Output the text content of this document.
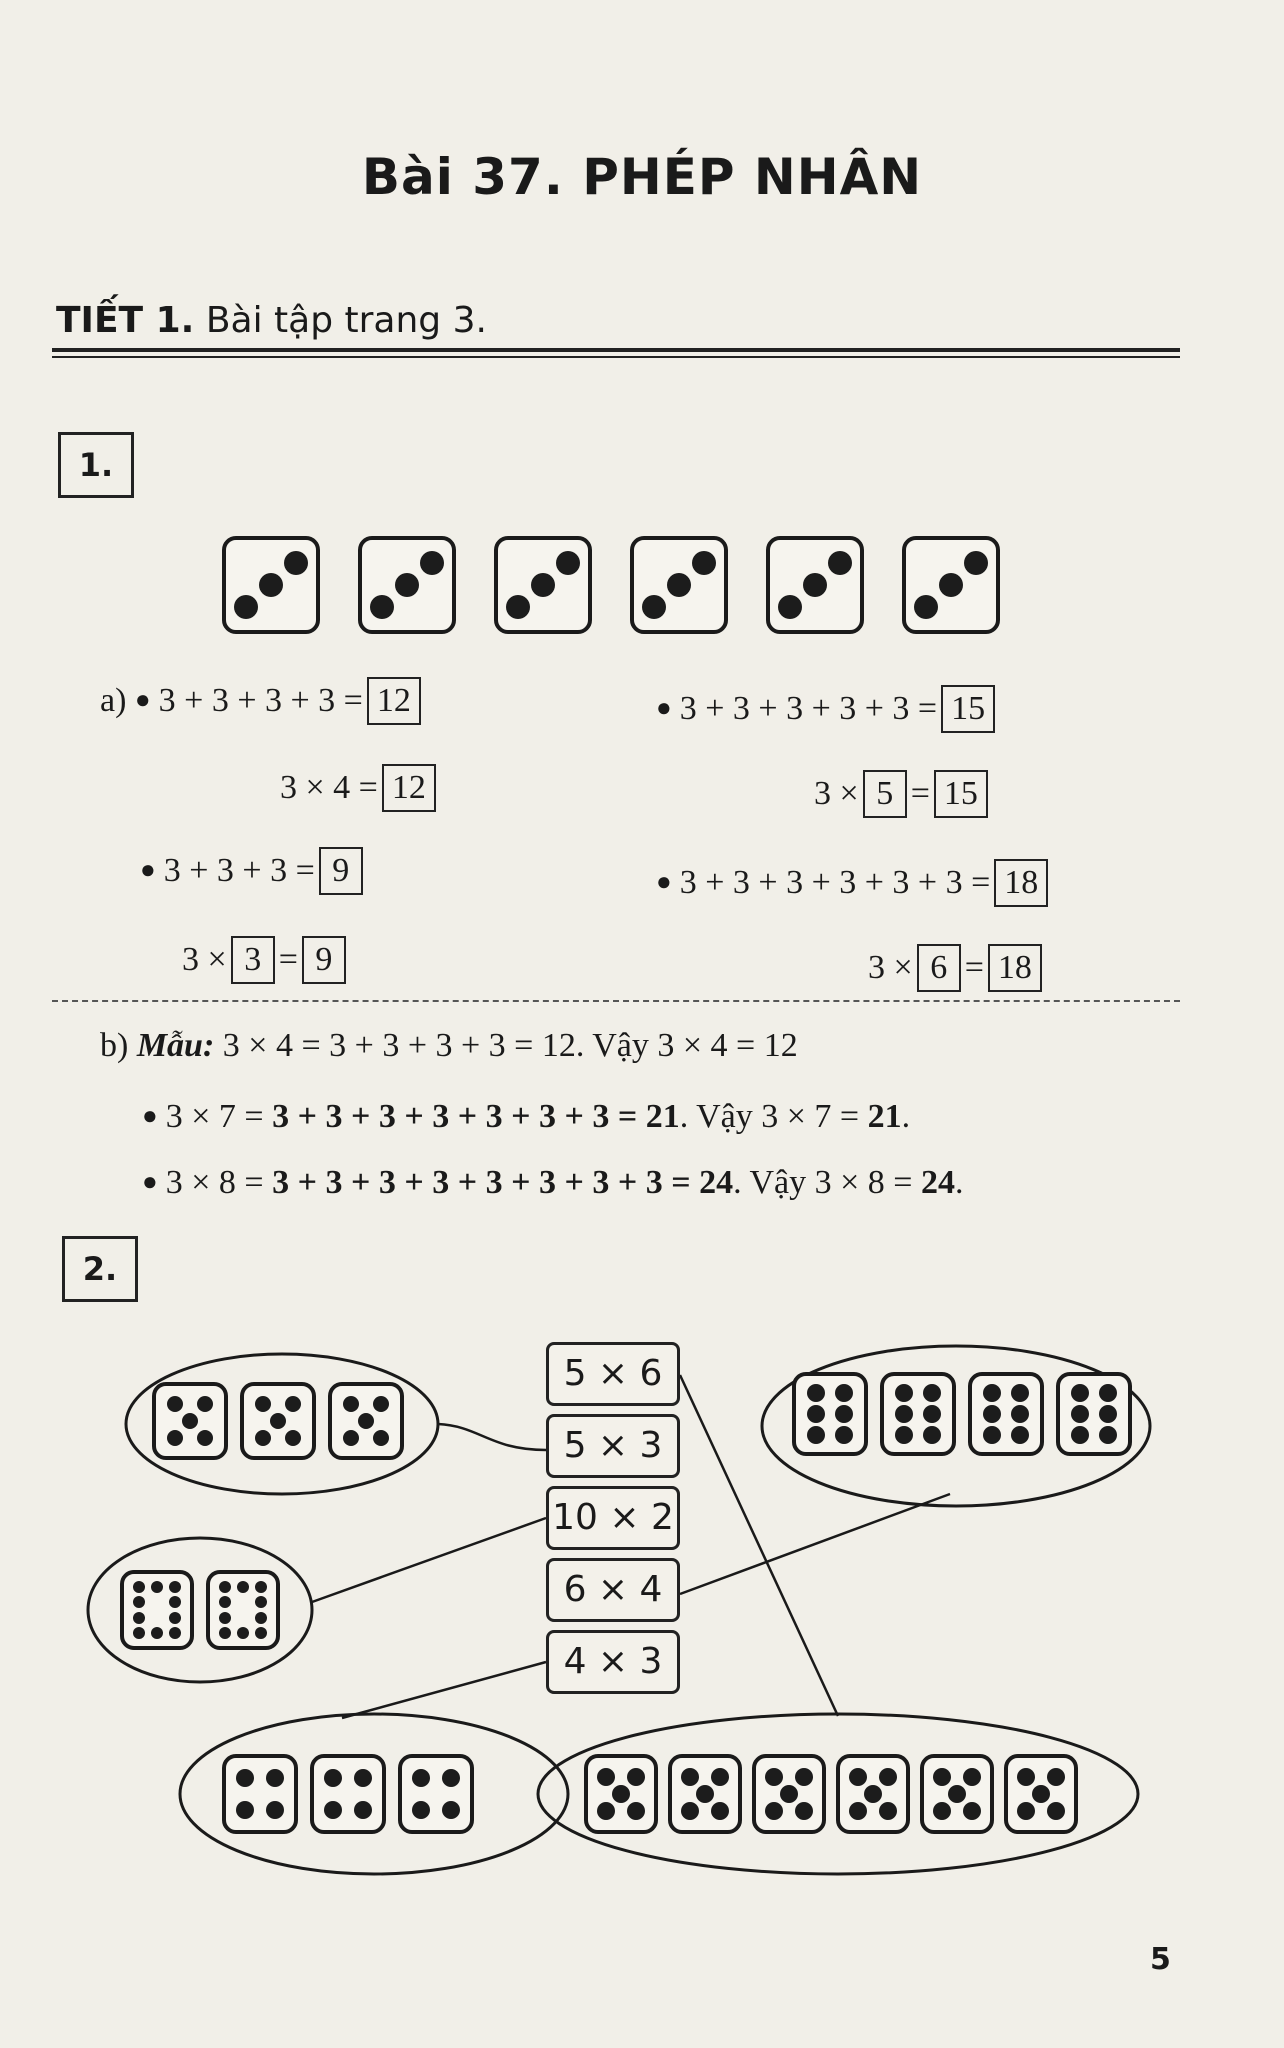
Bài 37. PHÉP NHÂN
TIẾT 1. Bài tập trang 3.
1.
a) ● 3 + 3 + 3 + 3 = 12
3 × 4 = 12
● 3 + 3 + 3 + 3 + 3 = 15
3 × 5 = 15
● 3 + 3 + 3 = 9
3 × 3 = 9
● 3 + 3 + 3 + 3 + 3 + 3 = 18
3 × 6 = 18
b) Mẫu: 3 × 4 = 3 + 3 + 3 + 3 = 12. Vậy 3 × 4 = 12
● 3 × 7 = 3 + 3 + 3 + 3 + 3 + 3 + 3 = 21. Vậy 3 × 7 = 21.
● 3 × 8 = 3 + 3 + 3 + 3 + 3 + 3 + 3 + 3 = 24. Vậy 3 × 8 = 24.
2.
5 × 6
5 × 3
10 × 2
6 × 4
4 × 3
5
